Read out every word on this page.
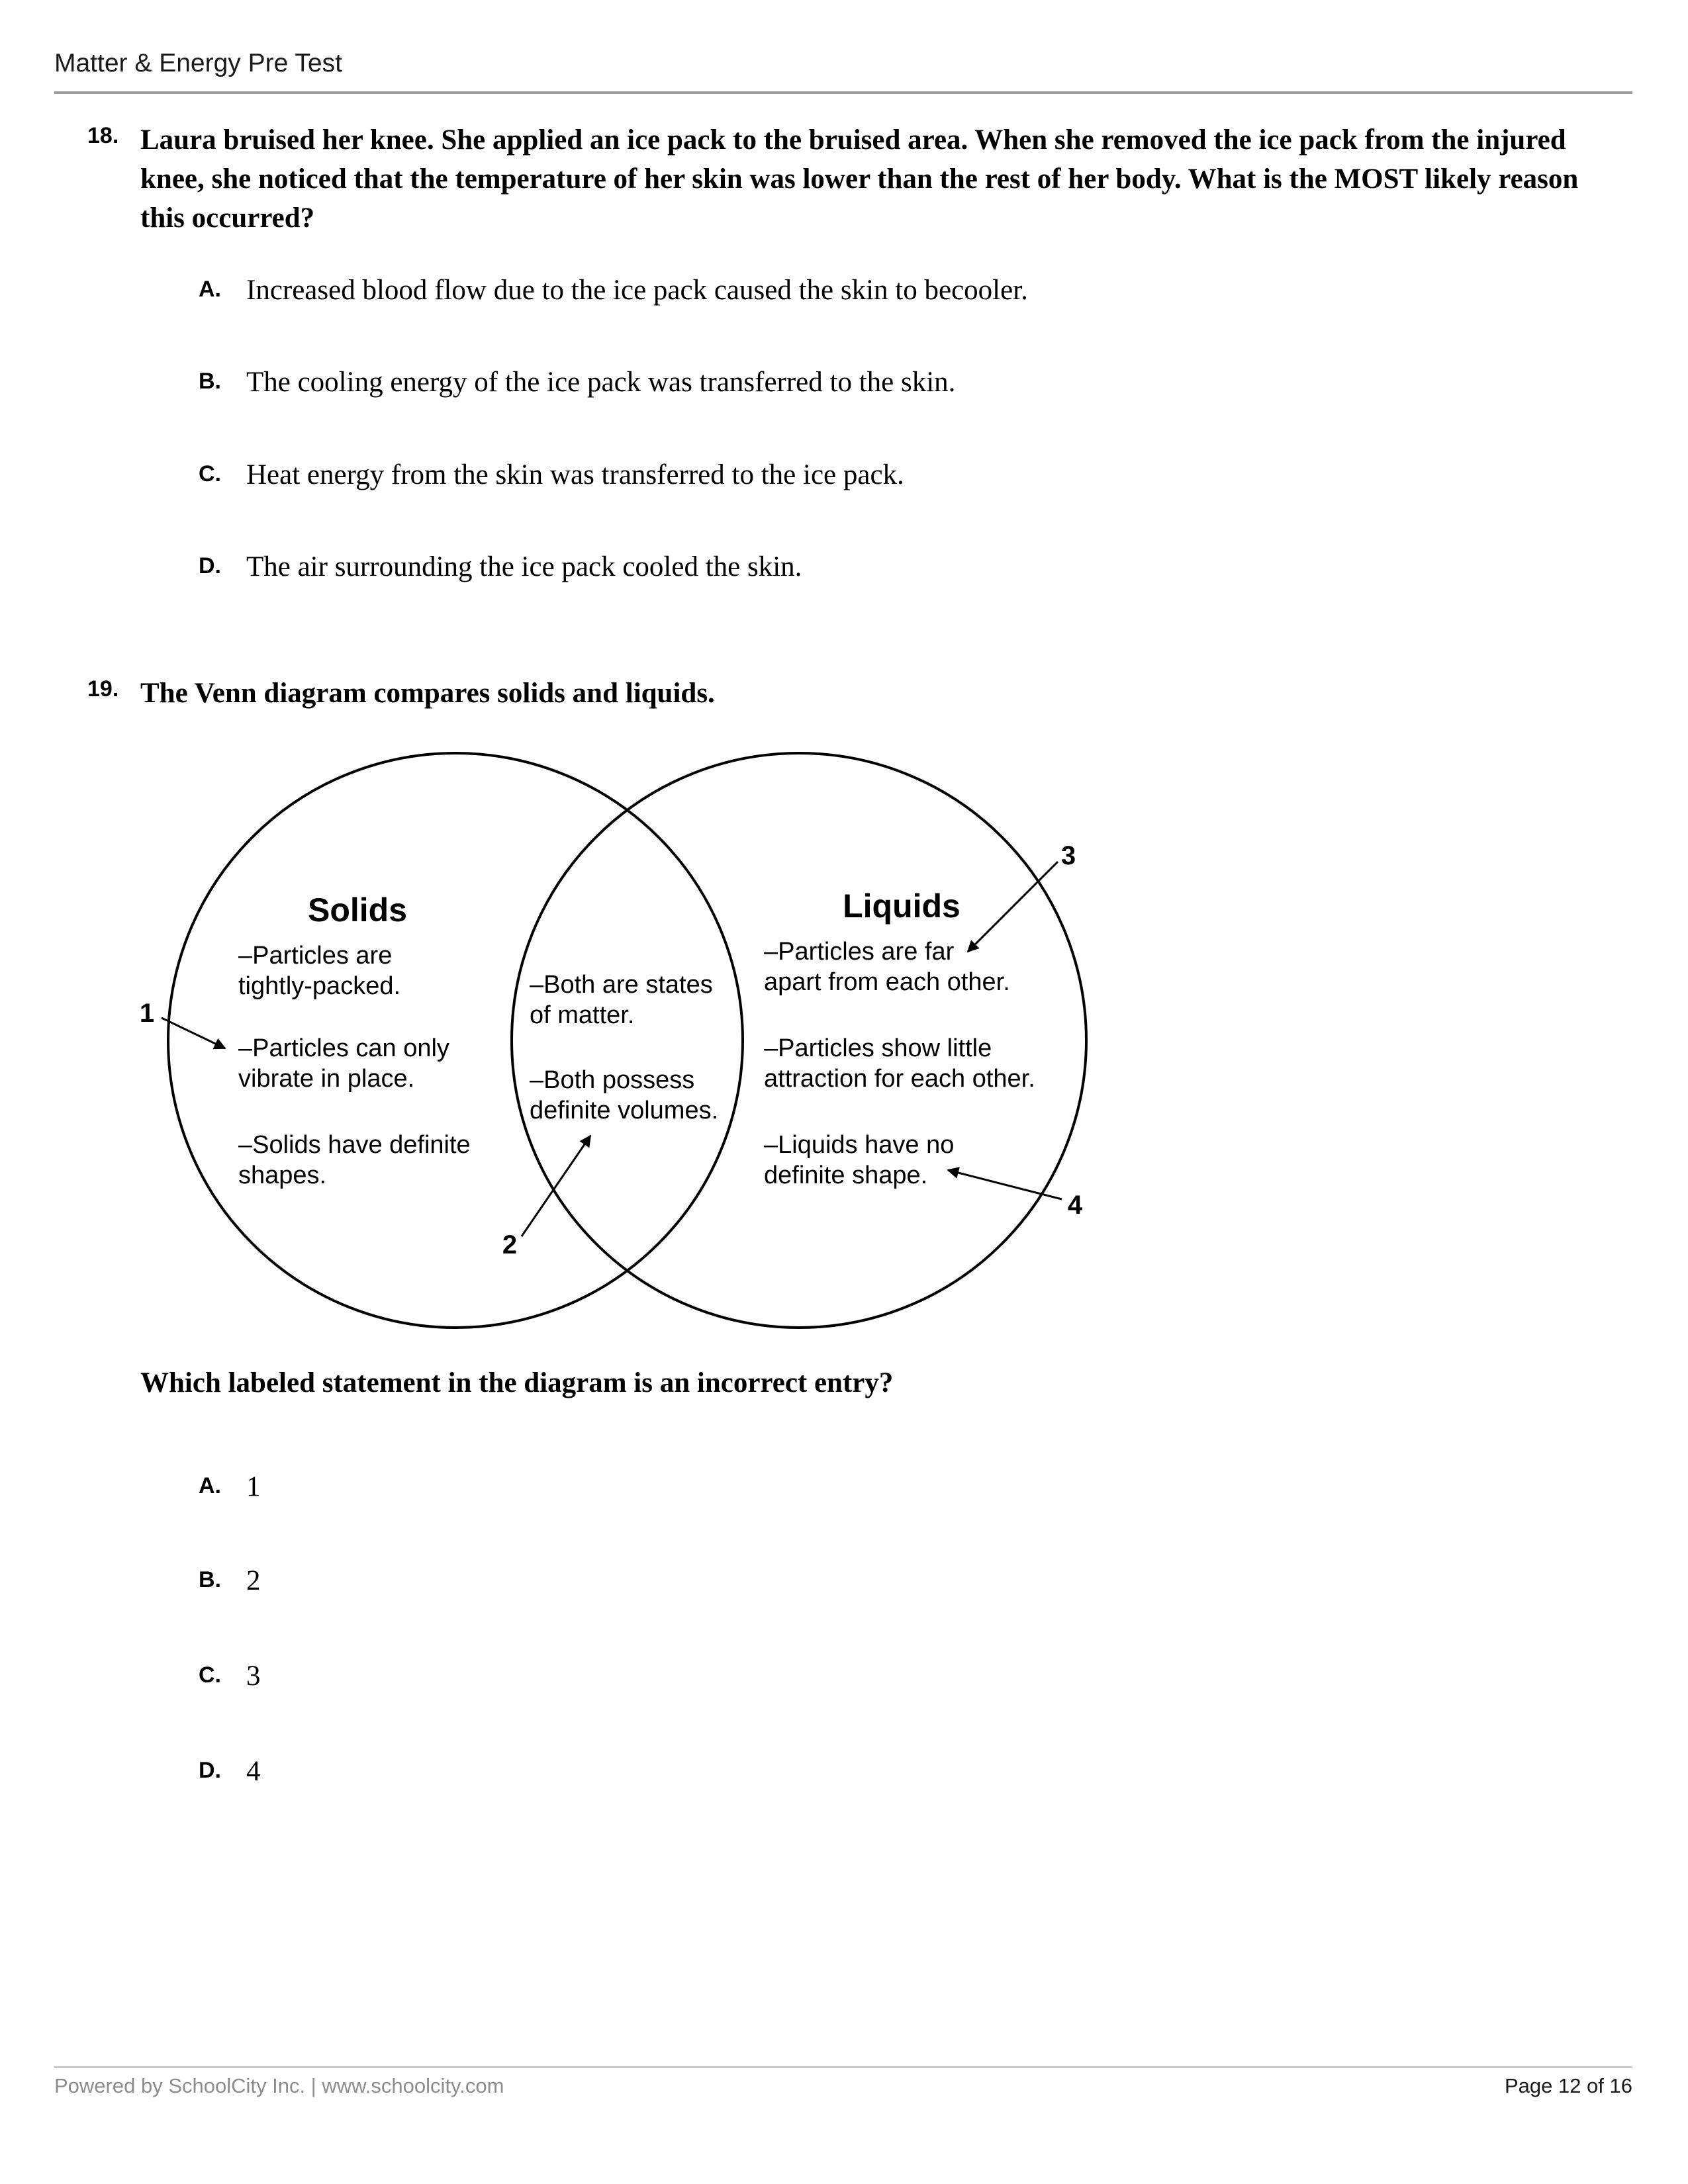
Matter & Energy Pre Test
18. Laura bruised her knee. She applied an ice pack to the bruised area. When she removed the ice pack from the injured knee, she noticed that the temperature of her skin was lower than the rest of her body. What is the MOST likely reason this occurred?
A. Increased blood flow due to the ice pack caused the skin to becooler.
B. The cooling energy of the ice pack was transferred to the skin.
C. Heat energy from the skin was transferred to the ice pack.
D. The air surrounding the ice pack cooled the skin.
19. The Venn diagram compares solids and liquids.
Solids
–Particles are
tightly-packed.
–Particles can only
vibrate in place.
–Solids have definite
shapes.
–Both are states
of matter.
–Both possess
definite volumes.
Liquids
–Particles are far
apart from each other.
–Particles show little
attraction for each other.
–Liquids have no
definite shape.
1
2
3
4
Which labeled statement in the diagram is an incorrect entry?
A. 1
B. 2
C. 3
D. 4
Powered by SchoolCity Inc. | www.schoolcity.com	Page 12 of 16
